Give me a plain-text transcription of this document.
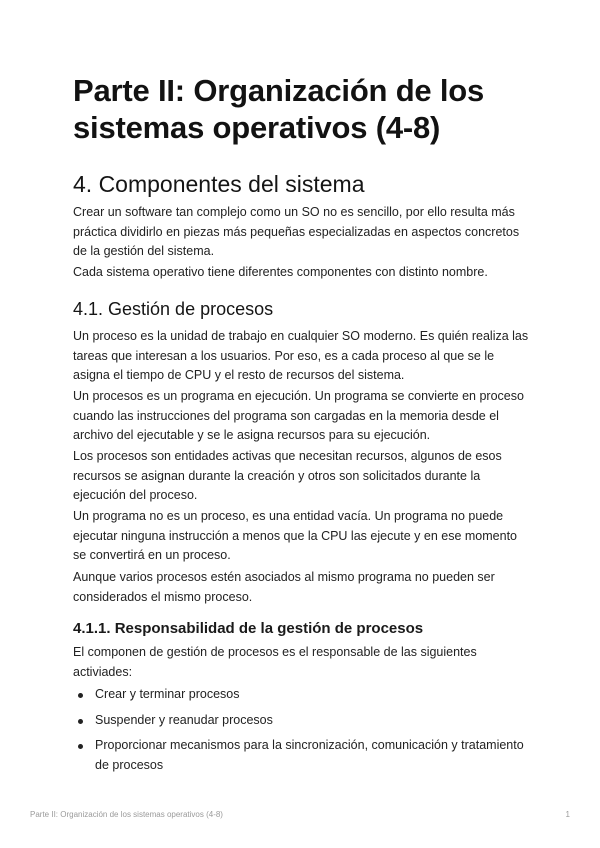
Parte II: Organización de los sistemas operativos (4-8)
4. Componentes del sistema

Crear un software tan complejo como un SO no es sencillo, por ello resulta más práctica dividirlo en piezas más pequeñas especializadas en aspectos concretos de la gestión del sistema.

Cada sistema operativo tiene diferentes componentes con distinto nombre.

4.1. Gestión de procesos

Un proceso es la unidad de trabajo en cualquier SO moderno. Es quién realiza las tareas que interesan a los usuarios. Por eso, es a cada proceso al que se le asigna el tiempo de CPU y el resto de recursos del sistema.

Un procesos es un programa en ejecución. Un programa se convierte en proceso cuando las instrucciones del programa son cargadas en la memoria desde el archivo del ejecutable y se le asigna recursos para su ejecución.

Los procesos son entidades activas que necesitan recursos, algunos de esos recursos se asignan durante la creación y otros son solicitados durante la ejecución del proceso.

Un programa no es un proceso, es una entidad vacía. Un programa no puede ejecutar ninguna instrucción a menos que la CPU las ejecute y en ese momento se convertirá en un proceso.

Aunque varios procesos estén asociados al mismo programa no pueden ser considerados el mismo proceso.

4.1.1. Responsabilidad de la gestión de procesos

El componen de gestión de procesos es el responsable de las siguientes activiades:

Crear y terminar procesos
Suspender y reanudar procesos
Proporcionar mecanismos para la sincronización, comunicación y tratamiento de procesos
Parte II: Organización de los sistemas operativos (4-8)	1
